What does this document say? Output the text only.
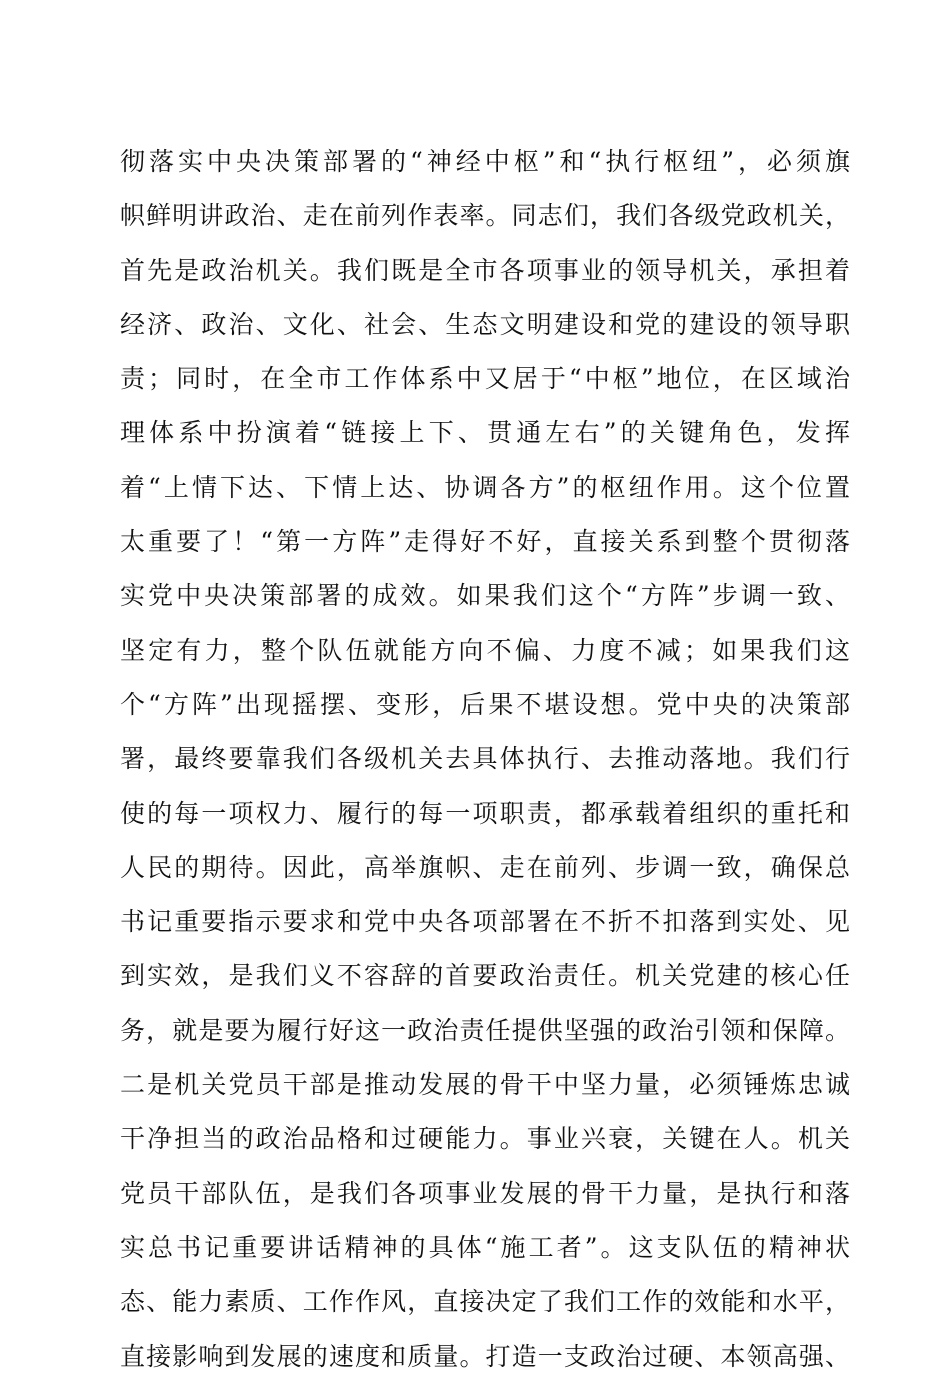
彻落实中央决策部署的“神经中枢”和“执行枢纽”，必须旗
帜鲜明讲政治、走在前列作表率。同志们，我们各级党政机关，
首先是政治机关。我们既是全市各项事业的领导机关，承担着
经济、政治、文化、社会、生态文明建设和党的建设的领导职
责；同时，在全市工作体系中又居于“中枢”地位，在区域治
理体系中扮演着“链接上下、贯通左右”的关键角色，发挥
着“上情下达、下情上达、协调各方”的枢纽作用。这个位置
太重要了！“第一方阵”走得好不好，直接关系到整个贯彻落
实党中央决策部署的成效。如果我们这个“方阵”步调一致、
坚定有力，整个队伍就能方向不偏、力度不减；如果我们这
个“方阵”出现摇摆、变形，后果不堪设想。党中央的决策部
署，最终要靠我们各级机关去具体执行、去推动落地。我们行
使的每一项权力、履行的每一项职责，都承载着组织的重托和
人民的期待。因此，高举旗帜、走在前列、步调一致，确保总
书记重要指示要求和党中央各项部署在不折不扣落到实处、见
到实效，是我们义不容辞的首要政治责任。机关党建的核心任
务，就是要为履行好这一政治责任提供坚强的政治引领和保障。
二是机关党员干部是推动发展的骨干中坚力量，必须锤炼忠诚
干净担当的政治品格和过硬能力。事业兴衰，关键在人。机关
党员干部队伍，是我们各项事业发展的骨干力量，是执行和落
实总书记重要讲话精神的具体“施工者”。这支队伍的精神状
态、能力素质、工作作风，直接决定了我们工作的效能和水平，
直接影响到发展的速度和质量。打造一支政治过硬、本领高强、
